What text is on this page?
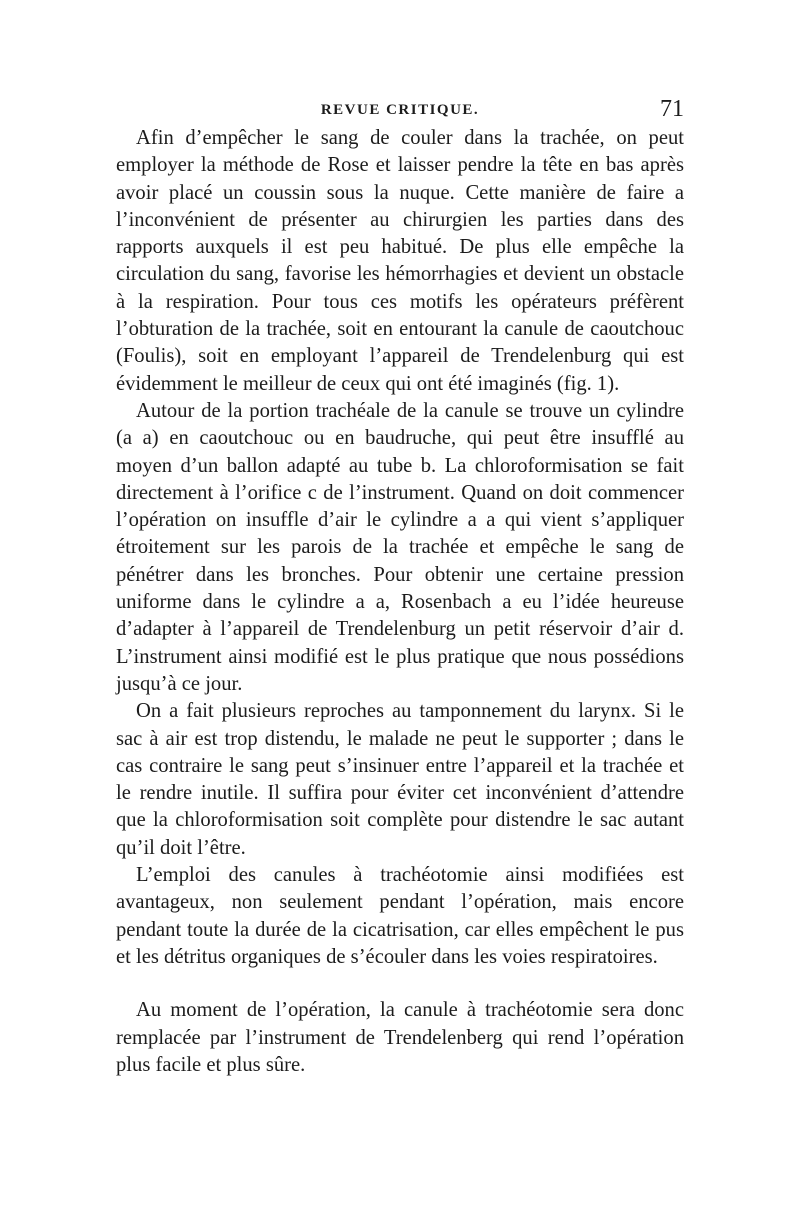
REVUE CRITIQUE.	71

Afin d’empêcher le sang de couler dans la trachée, on peut employer la méthode de Rose et laisser pendre la tête en bas après avoir placé un coussin sous la nuque. Cette manière de faire a l’inconvénient de présenter au chirurgien les parties dans des rapports auxquels il est peu habitué. De plus elle empêche la circulation du sang, favorise les hémorrhagies et devient un obstacle à la respiration. Pour tous ces motifs les opérateurs préfèrent l’obturation de la trachée, soit en entourant la canule de caoutchouc (Foulis), soit en employant l’appareil de Trendelenburg qui est évidemment le meilleur de ceux qui ont été imaginés (fig. 1).

Autour de la portion trachéale de la canule se trouve un cylindre (a a) en caoutchouc ou en baudruche, qui peut être insufflé au moyen d’un ballon adapté au tube b. La chloroformisation se fait directement à l’orifice c de l’instrument. Quand on doit commencer l’opération on insuffle d’air le cylindre a a qui vient s’appliquer étroitement sur les parois de la trachée et empêche le sang de pénétrer dans les bronches. Pour obtenir une certaine pression uniforme dans le cylindre a a, Rosenbach a eu l’idée heureuse d’adapter à l’appareil de Trendelenburg un petit réservoir d’air d. L’instrument ainsi modifié est le plus pratique que nous possédions jusqu’à ce jour.

On a fait plusieurs reproches au tamponnement du larynx. Si le sac à air est trop distendu, le malade ne peut le supporter ; dans le cas contraire le sang peut s’insinuer entre l’appareil et la trachée et le rendre inutile. Il suffira pour éviter cet inconvénient d’attendre que la chloroformisation soit complète pour distendre le sac autant qu’il doit l’être.

L’emploi des canules à trachéotomie ainsi modifiées est avantageux, non seulement pendant l’opération, mais encore pendant toute la durée de la cicatrisation, car elles empêchent le pus et les détritus organiques de s’écouler dans les voies respiratoires.

Au moment de l’opération, la canule à trachéotomie sera donc remplacée par l’instrument de Trendelenberg qui rend l’opération plus facile et plus sûre.
